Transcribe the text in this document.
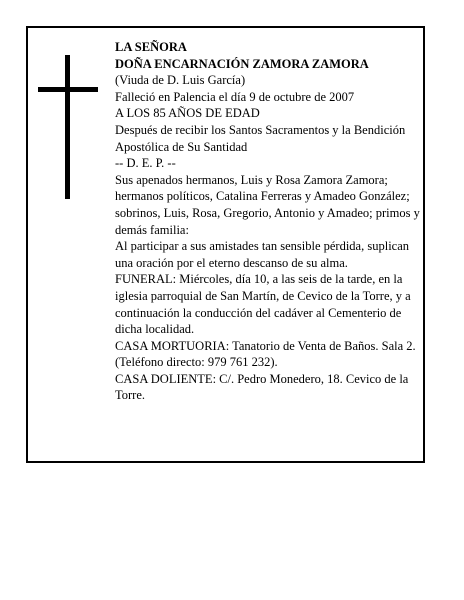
LA SEÑORA

DOÑA ENCARNACIÓN ZAMORA ZAMORA

(Viuda de D. Luis García)

Falleció en Palencia el día 9 de octubre de 2007

A LOS 85 AÑOS DE EDAD

Después de recibir los Santos Sacramentos y la Bendición Apostólica de Su Santidad

-- D. E. P. --

Sus apenados hermanos, Luis y Rosa Zamora Zamora; hermanos políticos, Catalina Ferreras y Amadeo González; sobrinos, Luis, Rosa, Gregorio, Antonio y Amadeo; primos y demás familia:

Al participar a sus amistades tan sensible pérdida, suplican una oración por el eterno descanso de su alma.

FUNERAL: Miércoles, día 10, a las seis de la tarde, en la iglesia parroquial de San Martín, de Cevico de la Torre, y a continuación la conducción del cadáver al Cementerio de dicha localidad.

CASA MORTUORIA: Tanatorio de Venta de Baños. Sala 2. (Teléfono directo: 979 761 232).

CASA DOLIENTE: C/. Pedro Monedero, 18. Cevico de la Torre.
